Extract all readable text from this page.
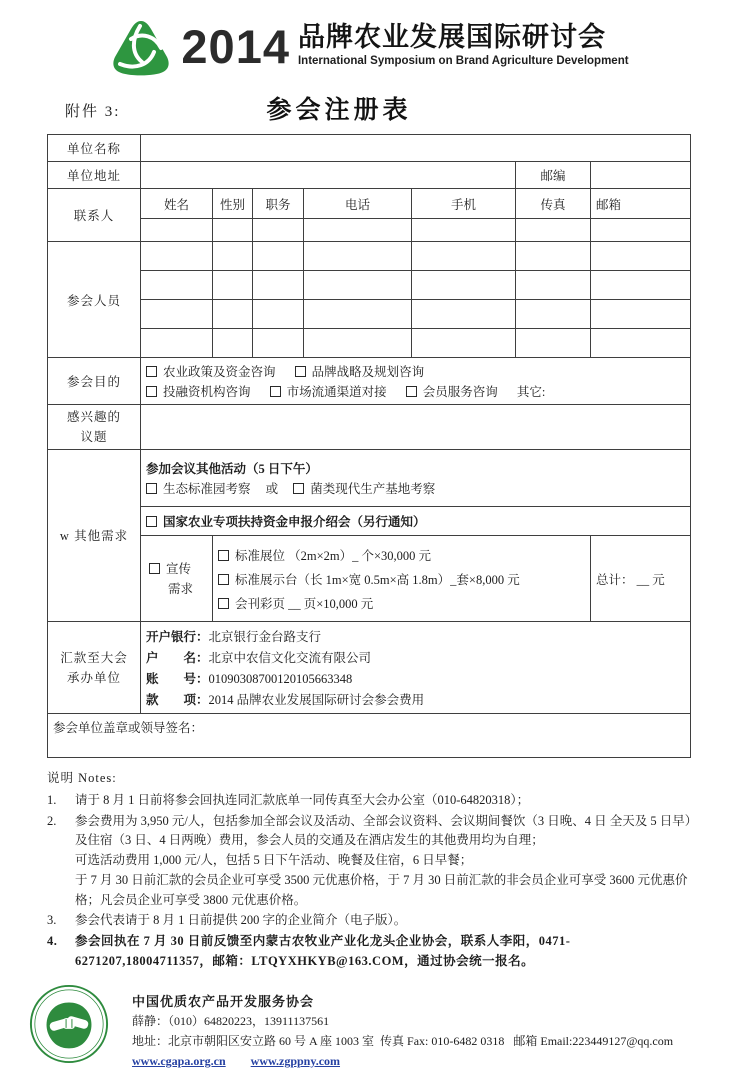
2014 品牌农业发展国际研讨会
International Symposium on Brand Agriculture Development
附件 3:	参会注册表
单位名称							
单位地址						邮编	
联系人	姓名	性别	职务	电话	手机	传真	邮箱

参会人员							

参会目的	农业政策及资金咨询 品牌战略及规划咨询
投融资机构咨询 市场流通渠道对接 会员服务咨询 其它:						

感兴趣的
议题							

w 其他需求	参加会议其他活动（5 日下午）
生态标准园考察 或 菌类现代生产基地考察						

	国家农业专项扶持资金申报介绍会（另行通知）						

宣传
需求

标准展位 （2m×2m）_ 个×30,000 元
标准展示台（长 1m×宽 0.5m×高 1.8m）_套×8,000 元
会刊彩页 __ 页×10,000 元
	总计： __ 元

汇款至大会
承办单位

开户银行：北京银行金台路支行
户　　名：北京中农信文化交流有限公司
账　　号：01090308700120105663348
款　　项：2014 品牌农业发展国际研讨会参会费用

参会单位盖章或领导签名：							
说明 Notes:
1.	请于 8 月 1 日前将参会回执连同汇款底单一同传真至大会办公室（010-64820318）；
2.	参会费用为 3,950 元/人，包括参加全部会议及活动、全部会议资料、会议期间餐饮（3 日晚、4 日 全天及 5 日早）及住宿（3 日、4 日两晚）费用，参会人员的交通及在酒店发生的其他费用均为自理；
可选活动费用 1,000 元/人，包括 5 日下午活动、晚餐及住宿，6 日早餐；
于 7 月 30 日前汇款的会员企业可享受 3500 元优惠价格，于 7 月 30 日前汇款的非会员企业可享受 3600 元优惠价格；凡会员企业可享受 3800 元优惠价格。
3.	参会代表请于 8 月 1 日前提供 200 字的企业简介（电子版）。
4.	参会回执在 7 月 30 日前反馈至内蒙古农牧业产业化龙头企业协会，联系人李阳，0471-6271207,18004711357，邮箱：LTQYXHKYB@163.COM，通过协会统一报名。
中国优质农产品开发服务协会
薛静：（010）64820223，13911137561
地址：北京市朝阳区安立路 60 号 A 座 1003 室 传真 Fax: 010-6482 0318 邮箱 Email:223449127@qq.com
www.cgapa.org.cn www.zgppny.com
